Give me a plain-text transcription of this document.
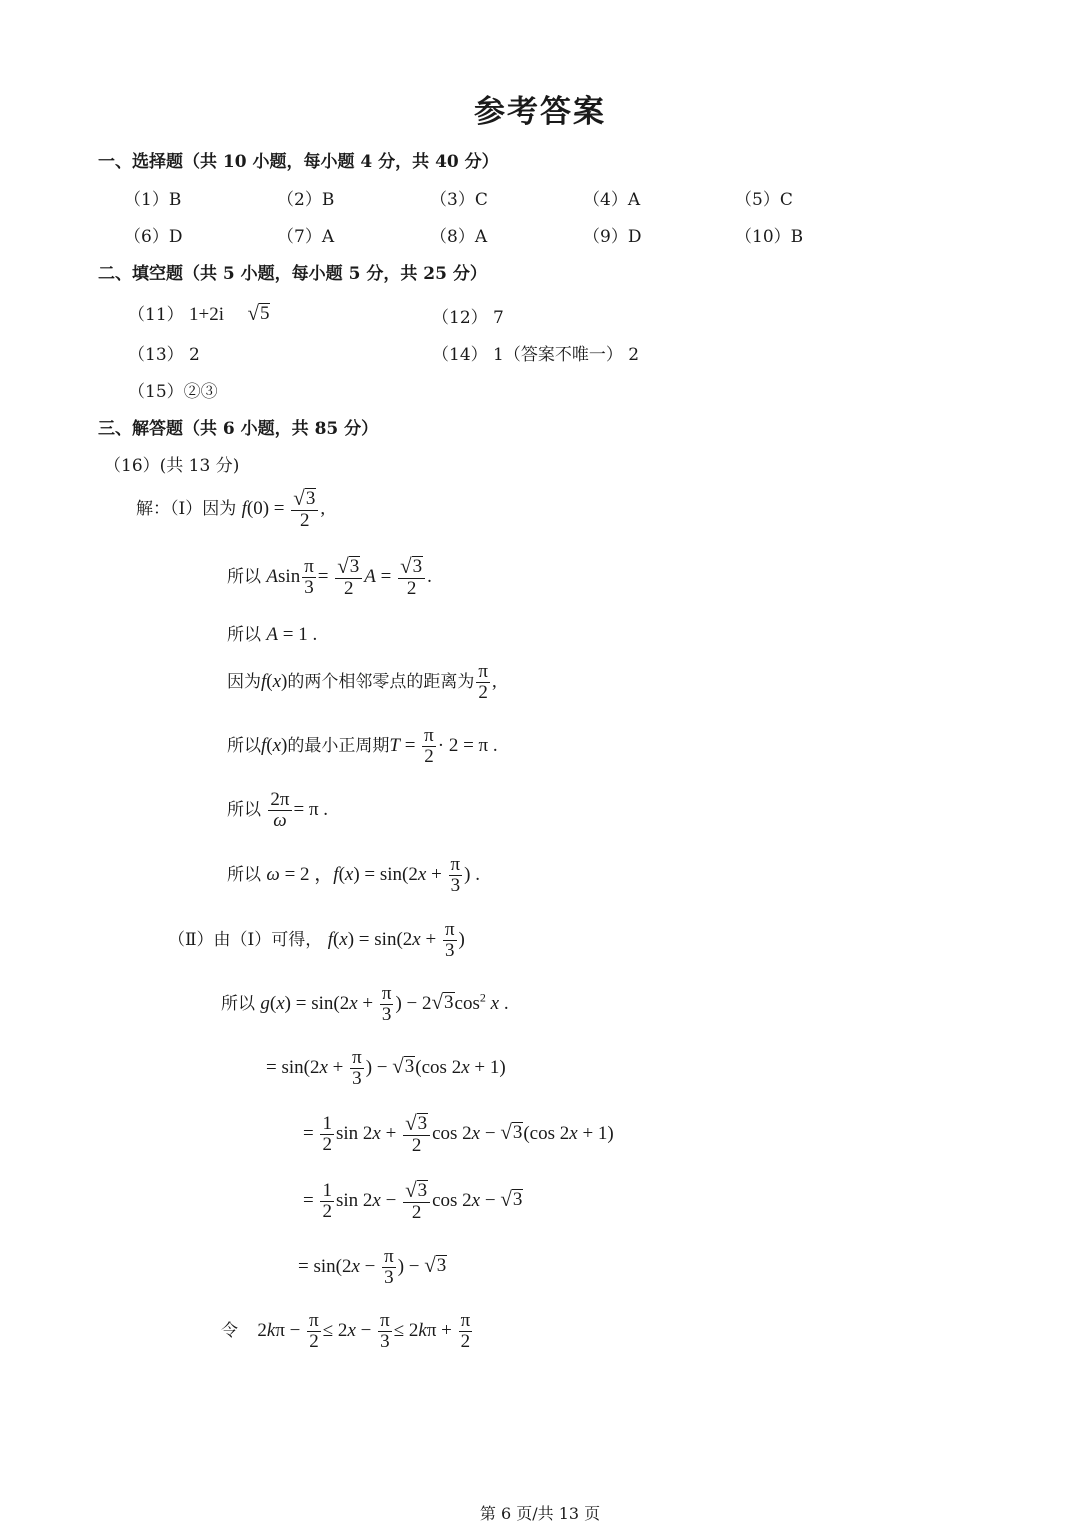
参考答案
一、选择题（共 10 小题，每小题 4 分，共 40 分）
（1）B	（2）B	（3）C	（4）A	（5）C
（6）D	（7）A	（8）A	（9）D	（10）B
二、填空题（共 5 小题，每小题 5 分，共 25 分）
（11） 1+2i √ 5	（12） 7
（13） 2	（14） 1（答案不唯一） 2
（15）②③
三、解答题（共 6 小题，共 85 分）
（16）(共 13 分)
解：（Ⅰ）因为 $f(0) = \frac{√ 3}{2}$ ,
所以 Asin $\frac{\pi}{3} = \frac{√ 3}{2}$ $A = \frac{√ 3}{2}$ .
所以 A = 1 .
因为f(x)的两个相邻零点的距离为 $\frac{\pi}{2}$ ,
所以f(x)的最小正周期$T = \frac{\pi}{2} \cdot 2 = \pi$ .
所以 $\frac{2\pi}{\omega} = \pi$ .
所以 ω = 2 ，$f(x) = \sin(2x + \frac{\pi}{3}$ ) .
（Ⅱ）由（Ⅰ）可得， $f(x) = \sin(2x + \frac{\pi}{3}$ )
所以 $g(x) = \sin(2x + \frac{\pi}{3}$ ) − 2 √ 3 $\cos^2 x$ .
= $\sin(2x + \frac{\pi}{3}$ ) − √ 3 (cos 2x + 1)
= $\frac{1}{2}$ $\sin 2x + \frac{√ 3}{2}$ cos 2x − √ 3 (cos 2x + 1)
= $\frac{1}{2}$ $\sin 2x - \frac{√ 3}{2}$ cos 2x − √ 3
= $\sin(2x - \frac{\pi}{3}$ ) − √ 3
令 $2k\pi - \frac{\pi}{2} \le 2x - \frac{\pi}{3} \le 2k\pi + \frac{\pi}{2}$
第 6 页/共 13 页
